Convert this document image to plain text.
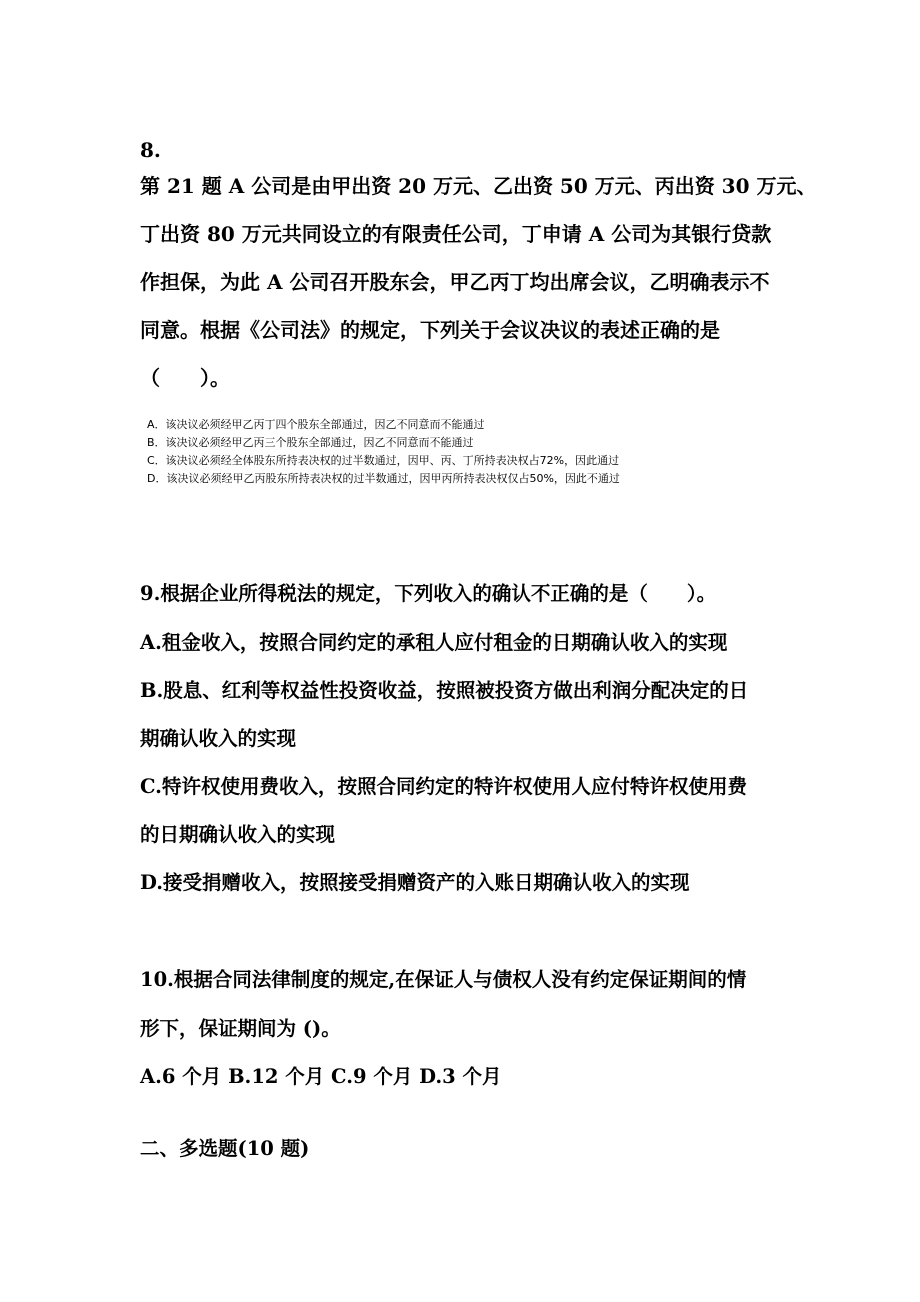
8.
第 21 题 A 公司是由甲出资 20 万元、乙出资 50 万元、丙出资 30 万元、
丁出资 80 万元共同设立的有限责任公司，丁申请 A 公司为其银行贷款
作担保，为此 A 公司召开股东会，甲乙丙丁均出席会议，乙明确表示不
同意。根据《公司法》的规定，下列关于会议决议的表述正确的是
（　　）。
A．该决议必须经甲乙丙丁四个股东全部通过，因乙不同意而不能通过
B．该决议必须经甲乙丙三个股东全部通过，因乙不同意而不能通过
C．该决议必须经全体股东所持表决权的过半数通过，因甲、丙、丁所持表决权占72%，因此通过
D．该决议必须经甲乙丙股东所持表决权的过半数通过，因甲丙所持表决权仅占50%，因此不通过
9.根据企业所得税法的规定，下列收入的确认不正确的是（　　）。
A.租金收入，按照合同约定的承租人应付租金的日期确认收入的实现
B.股息、红利等权益性投资收益，按照被投资方做出利润分配决定的日
期确认收入的实现
C.特许权使用费收入，按照合同约定的特许权使用人应付特许权使用费
的日期确认收入的实现
D.接受捐赠收入，按照接受捐赠资产的入账日期确认收入的实现
10.根据合同法律制度的规定,在保证人与债权人没有约定保证期间的情
形下，保证期间为 ()。
A.6 个月 B.12 个月 C.9 个月 D.3 个月
二、多选题(10 题)
